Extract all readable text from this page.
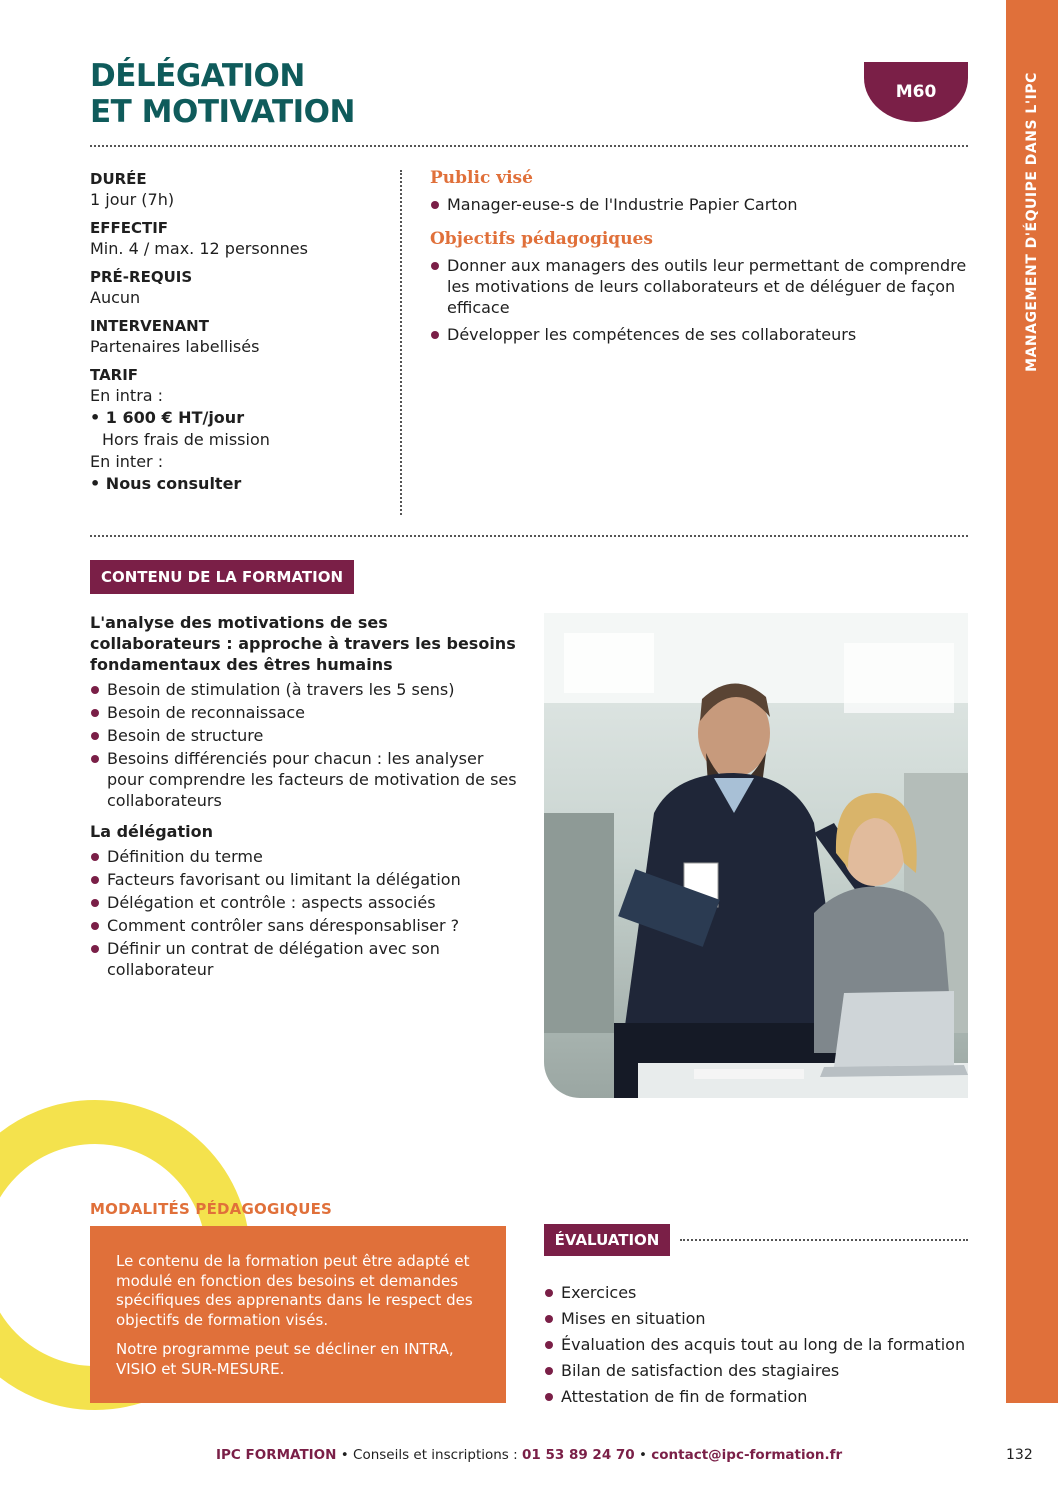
MANAGEMENT D'ÉQUIPE DANS L'IPC
DÉLÉGATION
ET MOTIVATION
M60
DURÉE
1 jour (7h)
EFFECTIF
Min. 4 / max. 12 personnes
PRÉ-REQUIS
Aucun
INTERVENANT
Partenaires labellisés
TARIF
En intra :
• 1 600 € HT/jour
Hors frais de mission
En inter :
• Nous consulter
Public visé
Manager-euse-s de l'Industrie Papier Carton
Objectifs pédagogiques
Donner aux managers des outils leur permettant de comprendre les motivations de leurs collaborateurs et de déléguer de façon efficace
Développer les compétences de ses collaborateurs
CONTENU DE LA FORMATION
L'analyse des motivations de ses collaborateurs : approche à travers les besoins fondamentaux des êtres humains
Besoin de stimulation (à travers les 5 sens)
Besoin de reconnaissace
Besoin de structure
Besoins différenciés pour chacun : les analyser pour comprendre les facteurs de motivation de ses collaborateurs
La délégation
Définition du terme
Facteurs favorisant ou limitant la délégation
Délégation et contrôle : aspects associés
Comment contrôler sans déresponsabliser ?
Définir un contrat de délégation avec son collaborateur
MODALITÉS PÉDAGOGIQUES

Le contenu de la formation peut être adapté et modulé en fonction des besoins et demandes spécifiques des apprenants dans le respect des objectifs de formation visés.

Notre programme peut se décliner en INTRA, VISIO et SUR-MESURE.

ÉVALUATION
Exercices
Mises en situation
Évaluation des acquis tout au long de la formation
Bilan de satisfaction des stagiaires
Attestation de fin de formation
IPC FORMATION • Conseils et inscriptions : 01 53 89 24 70 • contact@ipc-formation.fr	132
